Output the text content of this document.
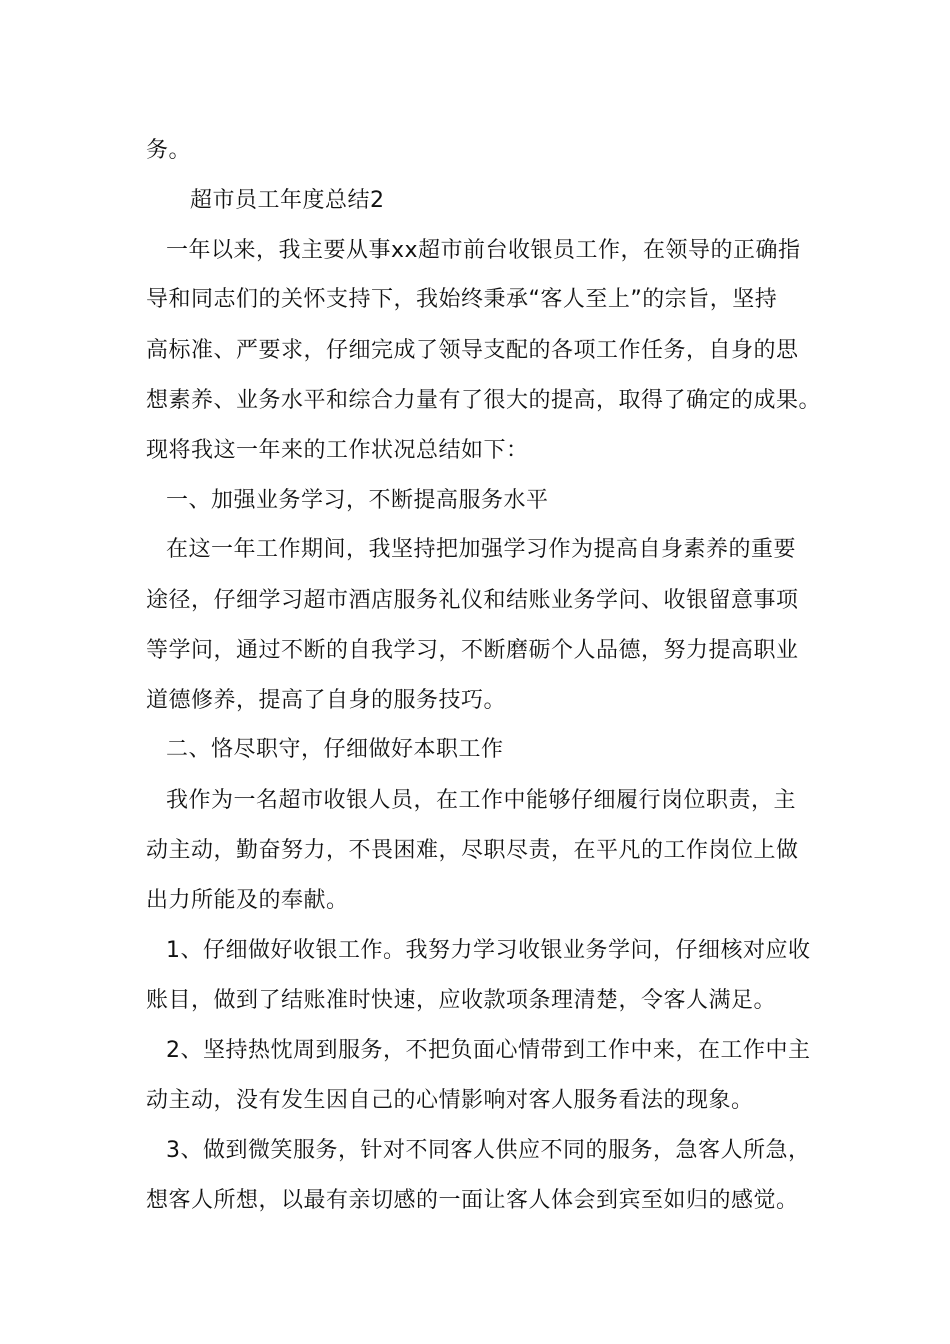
务。
超市员工年度总结2
一年以来，我主要从事xx超市前台收银员工作，在领导的正确指
导和同志们的关怀支持下，我始终秉承“客人至上”的宗旨，坚持
高标准、严要求，仔细完成了领导支配的各项工作任务，自身的思
想素养、业务水平和综合力量有了很大的提高，取得了确定的成果。
现将我这一年来的工作状况总结如下：
一、加强业务学习，不断提高服务水平
在这一年工作期间，我坚持把加强学习作为提高自身素养的重要
途径，仔细学习超市酒店服务礼仪和结账业务学问、收银留意事项
等学问，通过不断的自我学习，不断磨砺个人品德，努力提高职业
道德修养，提高了自身的服务技巧。
二、恪尽职守，仔细做好本职工作
我作为一名超市收银人员，在工作中能够仔细履行岗位职责，主
动主动，勤奋努力，不畏困难，尽职尽责，在平凡的工作岗位上做
出力所能及的奉献。
1、仔细做好收银工作。我努力学习收银业务学问，仔细核对应收
账目，做到了结账准时快速，应收款项条理清楚，令客人满足。
2、坚持热忱周到服务，不把负面心情带到工作中来，在工作中主
动主动，没有发生因自己的心情影响对客人服务看法的现象。
3、做到微笑服务，针对不同客人供应不同的服务，急客人所急，
想客人所想，以最有亲切感的一面让客人体会到宾至如归的感觉。
